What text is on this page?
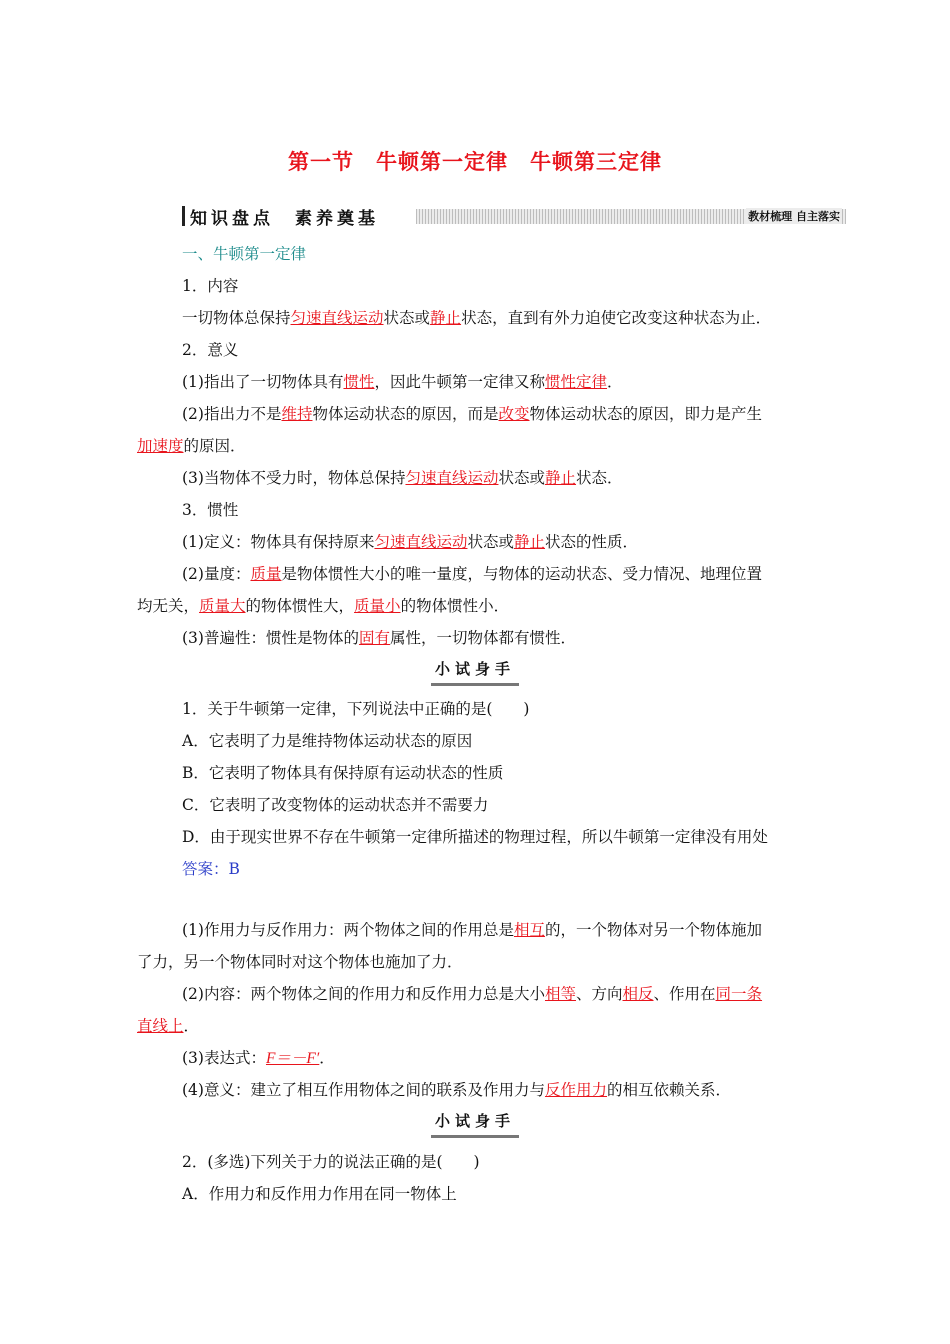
第一节　牛顿第一定律　牛顿第三定律
知识盘点　素养奠基	教材梳理 自主落实
一、牛顿第一定律
1．内容
一切物体总保持匀速直线运动状态或静止状态，直到有外力迫使它改变这种状态为止．
2．意义
(1)指出了一切物体具有惯性，因此牛顿第一定律又称惯性定律．
(2)指出力不是维持物体运动状态的原因，而是改变物体运动状态的原因，即力是产生
加速度的原因．
(3)当物体不受力时，物体总保持匀速直线运动状态或静止状态．
3．惯性
(1)定义：物体具有保持原来匀速直线运动状态或静止状态的性质．
(2)量度：质量是物体惯性大小的唯一量度，与物体的运动状态、受力情况、地理位置
均无关，质量大的物体惯性大，质量小的物体惯性小．
(3)普遍性：惯性是物体的固有属性，一切物体都有惯性．
小试身手
1．关于牛顿第一定律，下列说法中正确的是(　　)
A．它表明了力是维持物体运动状态的原因
B．它表明了物体具有保持原有运动状态的性质
C．它表明了改变物体的运动状态并不需要力
D．由于现实世界不存在牛顿第一定律所描述的物理过程，所以牛顿第一定律没有用处
答案：B
(1)作用力与反作用力：两个物体之间的作用总是相互的，一个物体对另一个物体施加
了力，另一个物体同时对这个物体也施加了力．
(2)内容：两个物体之间的作用力和反作用力总是大小相等、方向相反、作用在同一条
直线上．
(3)表达式：F＝－F′．
(4)意义：建立了相互作用物体之间的联系及作用力与反作用力的相互依赖关系．
小试身手
2．(多选)下列关于力的说法正确的是(　　)
A．作用力和反作用力作用在同一物体上
